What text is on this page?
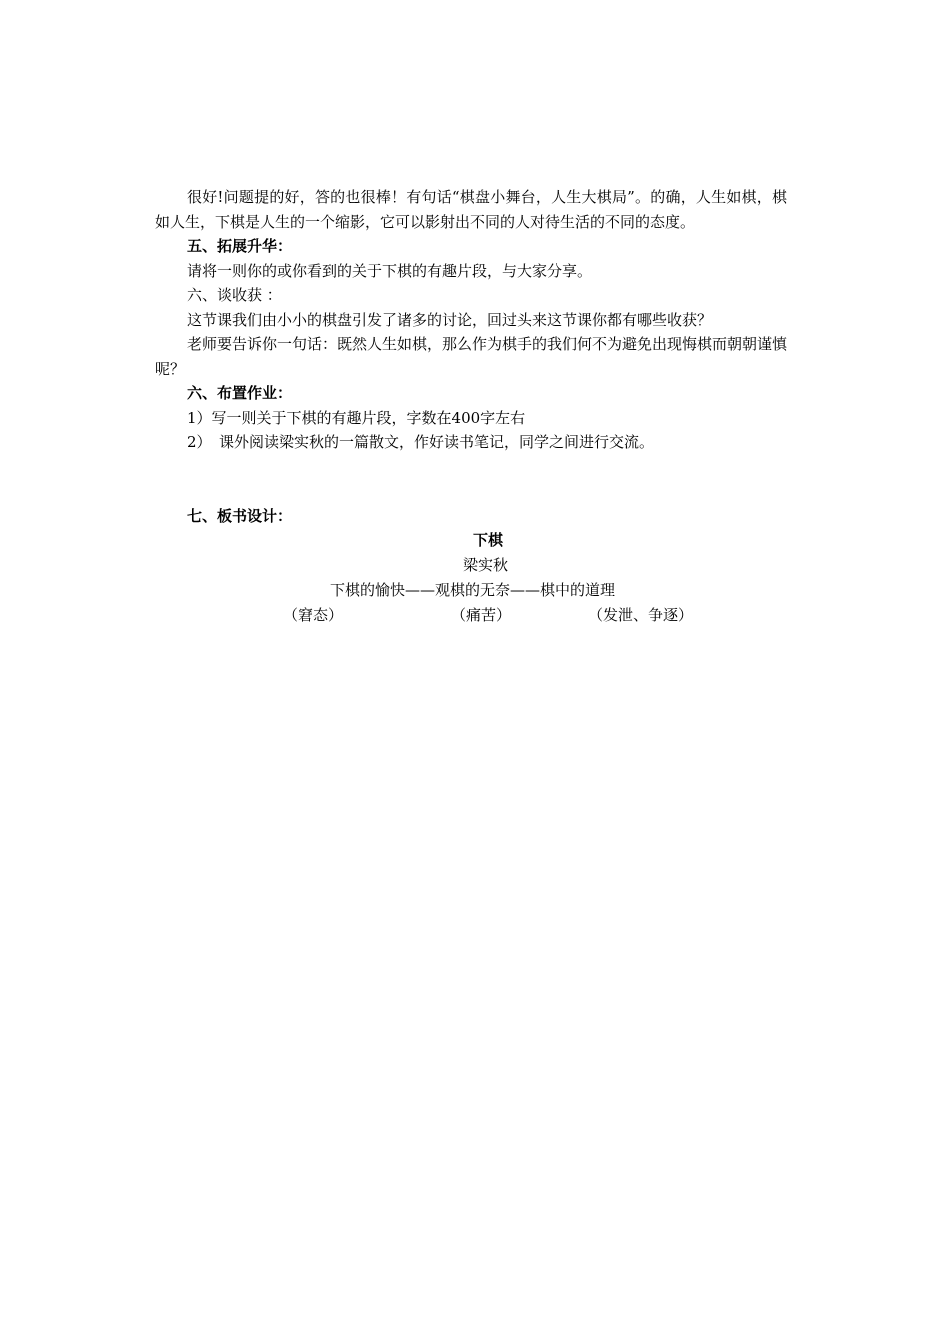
很好!问题提的好，答的也很棒！有句话“棋盘小舞台，人生大棋局”。的确，人生如棋，棋如人生，下棋是人生的一个缩影，它可以影射出不同的人对待生活的不同的态度。

五、拓展升华：

请将一则你的或你看到的关于下棋的有趣片段，与大家分享。

六、谈收获 ：

这节课我们由小小的棋盘引发了诸多的讨论，回过头来这节课你都有哪些收获？

老师要告诉你一句话：既然人生如棋，那么作为棋手的我们何不为避免出现悔棋而朝朝谨慎呢？

六、布置作业：

1）写一则关于下棋的有趣片段，字数在400字左右

2）　课外阅读梁实秋的一篇散文，作好读书笔记，同学之间进行交流。

七、板书设计：

下棋
梁实秋
下棋的愉快——观棋的无奈——棋中的道理
（窘态）	（痛苦）	（发泄、争逐）
